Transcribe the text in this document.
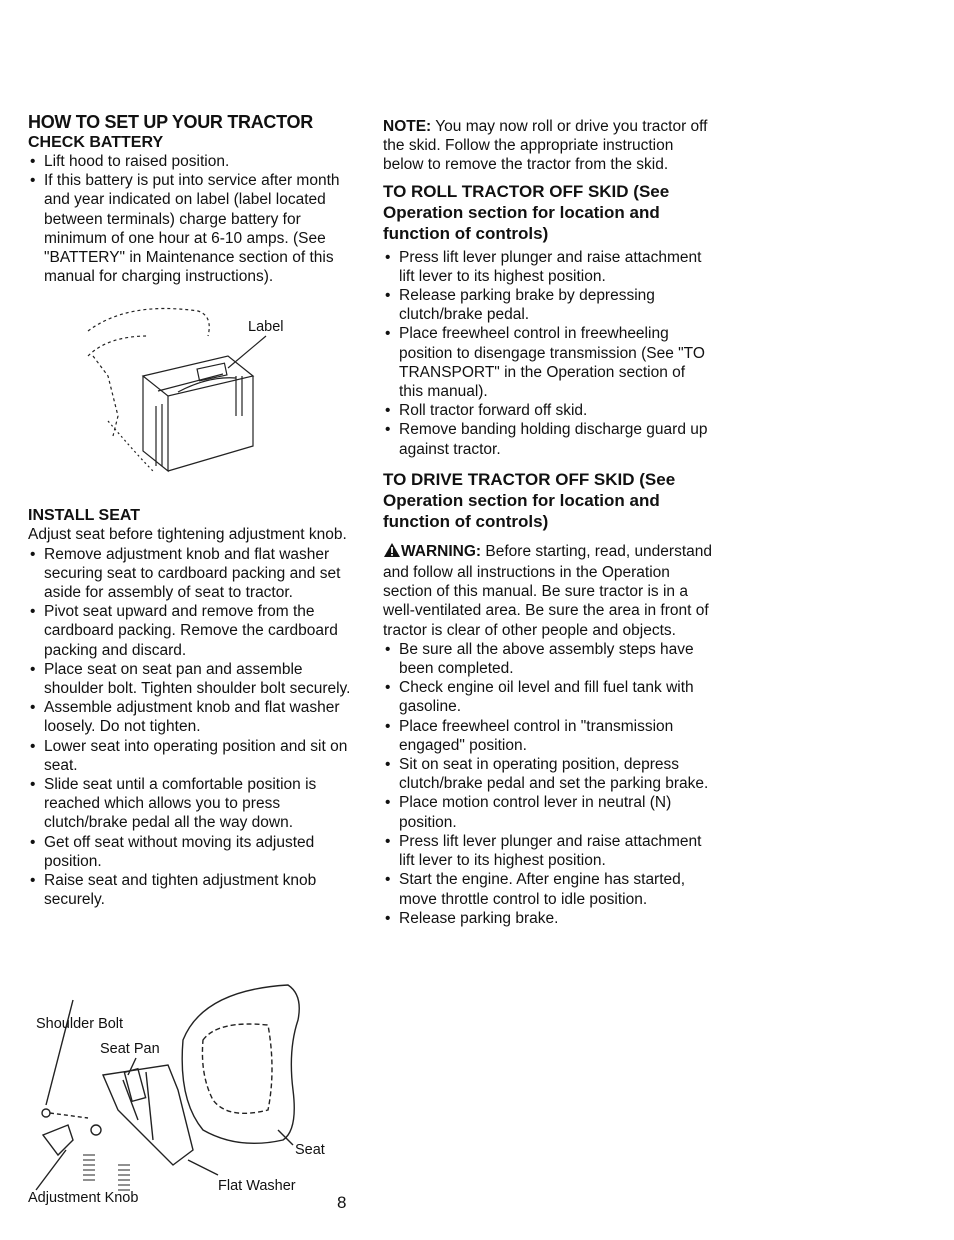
HOW TO SET UP YOUR TRACTOR
CHECK BATTERY
• Lift hood to raised position.
• If this battery is put into service after month and year indicated on label (label located between terminals) charge battery for minimum of one hour at 6-10 amps. (See "BATTERY" in Maintenance section of this manual for charging instructions).
Label
INSTALL SEAT

Adjust seat before tightening adjustment knob.

• Remove adjustment knob and flat washer securing seat to cardboard packing and set aside for assembly of seat to tractor.
• Pivot seat upward and remove from the cardboard packing. Remove the cardboard packing and discard.
• Place seat on seat pan and assemble shoulder bolt. Tighten shoulder bolt securely.
• Assemble adjustment knob and flat washer loosely. Do not tighten.
• Lower seat into operating position and sit on seat.
• Slide seat until a comfortable position is reached which allows you to press clutch/brake pedal all the way down.
• Get off seat without moving its adjusted position.
• Raise seat and tighten adjustment knob securely.
Shoulder Bolt
Seat Pan
Seat
Flat Washer
Adjustment Knob

NOTE: You may now roll or drive you tractor off the skid. Follow the appropriate instruction below to remove the tractor from the skid.

TO ROLL TRACTOR OFF SKID (See Operation section for location and function of controls)
• Press lift lever plunger and raise attachment lift lever to its highest position.
• Release parking brake by depressing clutch/brake pedal.
• Place freewheel control in freewheeling position to disengage transmission (See "TO TRANSPORT" in the Operation section of this manual).
• Roll tractor forward off skid.
• Remove banding holding discharge guard up against tractor.
TO DRIVE TRACTOR OFF SKID (See Operation section for location and function of controls)

WARNING: Before starting, read, understand and follow all instructions in the Operation section of this manual. Be sure tractor is in a well-ventilated area. Be sure the area in front of tractor is clear of other people and objects.

• Be sure all the above assembly steps have been completed.
• Check engine oil level and fill fuel tank with gasoline.
• Place freewheel control in "transmission engaged" position.
• Sit on seat in operating position, depress clutch/brake pedal and set the parking brake.
• Place motion control lever in neutral (N) position.
• Press lift lever plunger and raise attachment lift lever to its highest position.
• Start the engine. After engine has started, move throttle control to idle position.
• Release parking brake.
8
